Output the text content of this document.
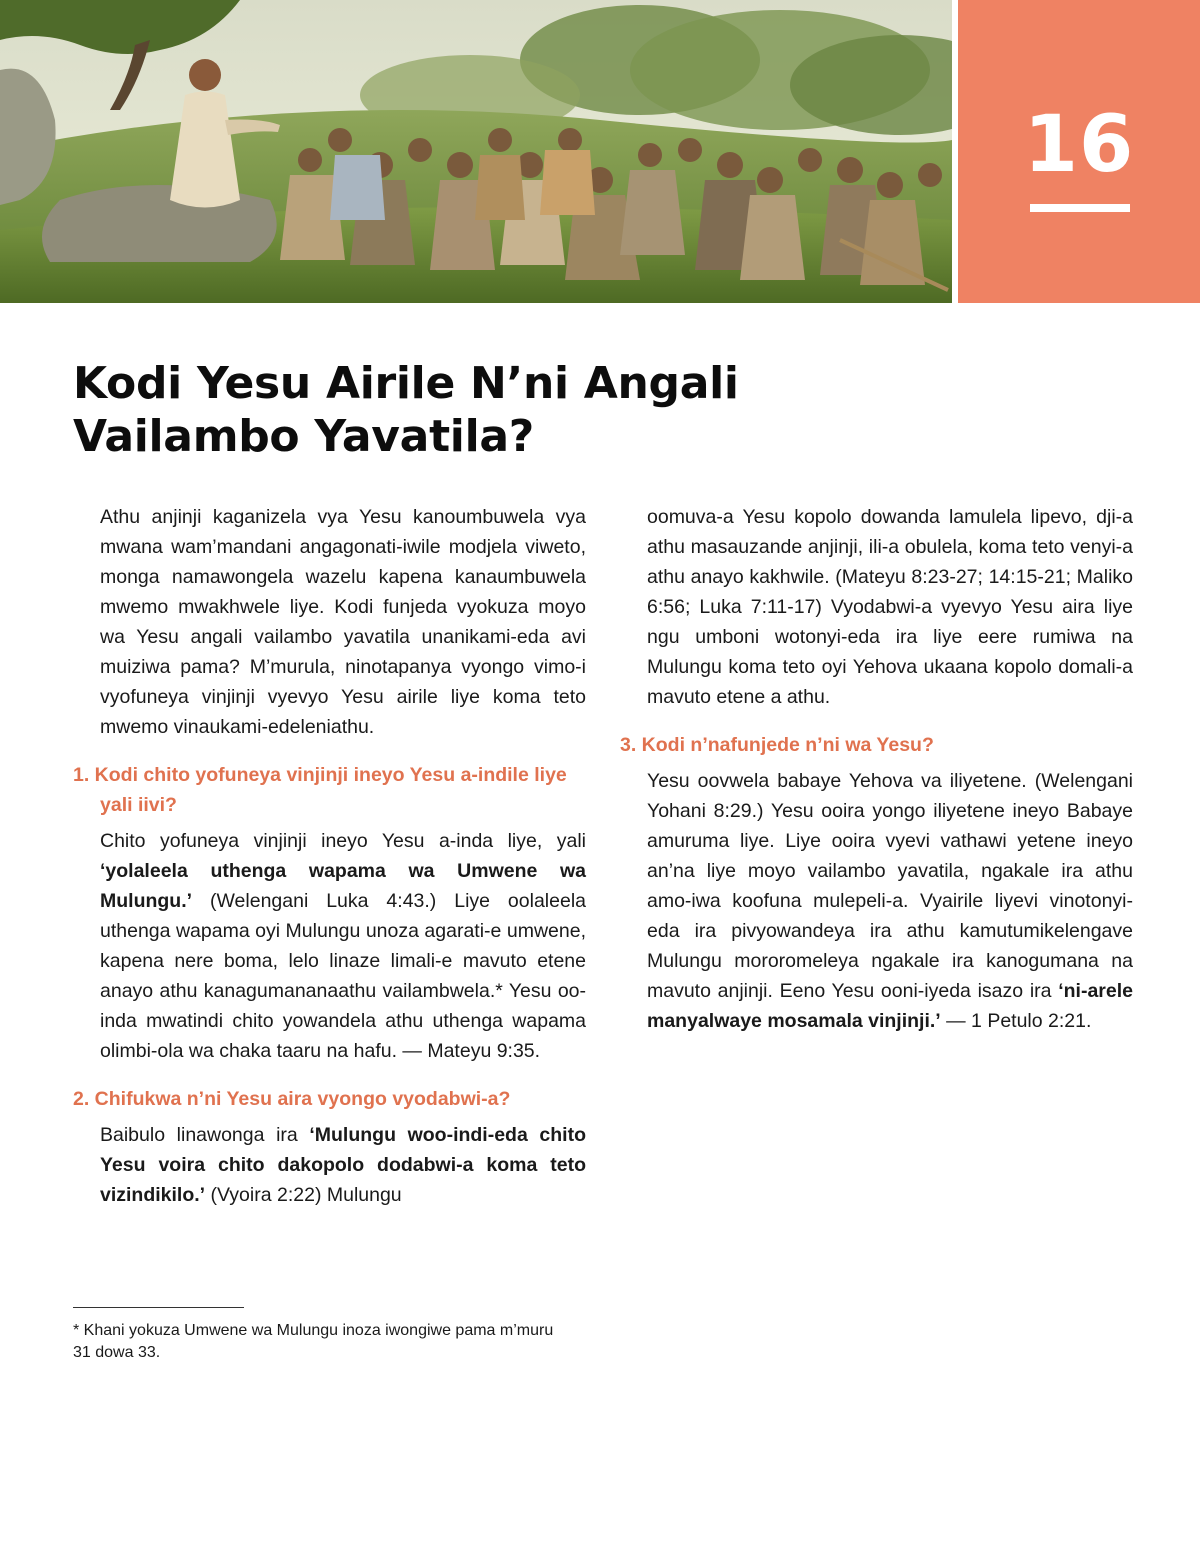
16
Kodi Yesu Airile N’ni Angali
Vailambo Yavatila?

Athu anjinji kaganizela vya Yesu kanoumbuwela vya mwana wam’mandani angagonati-iwile modjela viweto, monga namawongela wazelu kapena kanaumbuwela mwemo mwakhwele liye. Kodi funjeda vyokuza moyo wa Yesu angali vailambo yavatila unanikami-eda avi muiziwa pama? M’murula, ninotapanya vyongo vimo-i vyofuneya vinjinji vyevyo Yesu airile liye koma teto mwemo vinaukami-edeleniathu.

1. Kodi chito yofuneya vinjinji ineyo Yesu a-indile liye yali iivi?

Chito yofuneya vinjinji ineyo Yesu a-inda liye, yali ‘yolaleela uthenga wapama wa Umwene wa Mulungu.’ (Welengani Luka 4:43.) Liye oolaleela uthenga wapama oyi Mulungu unoza agarati-e umwene, kapena nere boma, lelo linaze limali-e mavuto etene anayo athu kanagumananaathu vailambwela.* Yesu oo-inda mwatindi chito yowandela athu uthenga wapama olimbi-ola wa chaka taaru na hafu. — Mateyu 9:35.

2. Chifukwa n’ni Yesu aira vyongo vyodabwi-a?

Baibulo linawonga ira ‘Mulungu woo-indi-eda chito Yesu voira chito dakopolo dodabwi-a koma teto vizindikilo.’ (Vyoira 2:22) Mulungu

oomuva-a Yesu kopolo dowanda lamulela lipevo, dji-a athu masauzande anjinji, ili-a obulela, koma teto venyi-a athu anayo kakhwile. (Mateyu 8:23-27; 14:15-21; Maliko 6:56; Luka 7:11-17) Vyodabwi-a vyevyo Yesu aira liye ngu umboni wotonyi-eda ira liye eere rumiwa na Mulungu koma teto oyi Yehova ukaana kopolo domali-a mavuto etene a athu.

3. Kodi n’nafunjede n’ni wa Yesu?

Yesu oovwela babaye Yehova va iliyetene. (Welengani Yohani 8:29.) Yesu ooira yongo iliyetene ineyo Babaye amuruma liye. Liye ooira vyevi vathawi yetene ineyo an’na liye moyo vailambo yavatila, ngakale ira athu amo-iwa koofuna mulepeli-a. Vyairile liyevi vinotonyi-eda ira pivyowandeya ira athu kamutumikelengave Mulungu mororomeleya ngakale ira kanogumana na mavuto anjinji. Eeno Yesu ooni-iyeda isazo ira ‘ni-arele manyalwaye mosamala vinjinji.’ — 1 Petulo 2:21.

* Khani yokuza Umwene wa Mulungu inoza iwongiwe pama m’muru 31 dowa 33.
